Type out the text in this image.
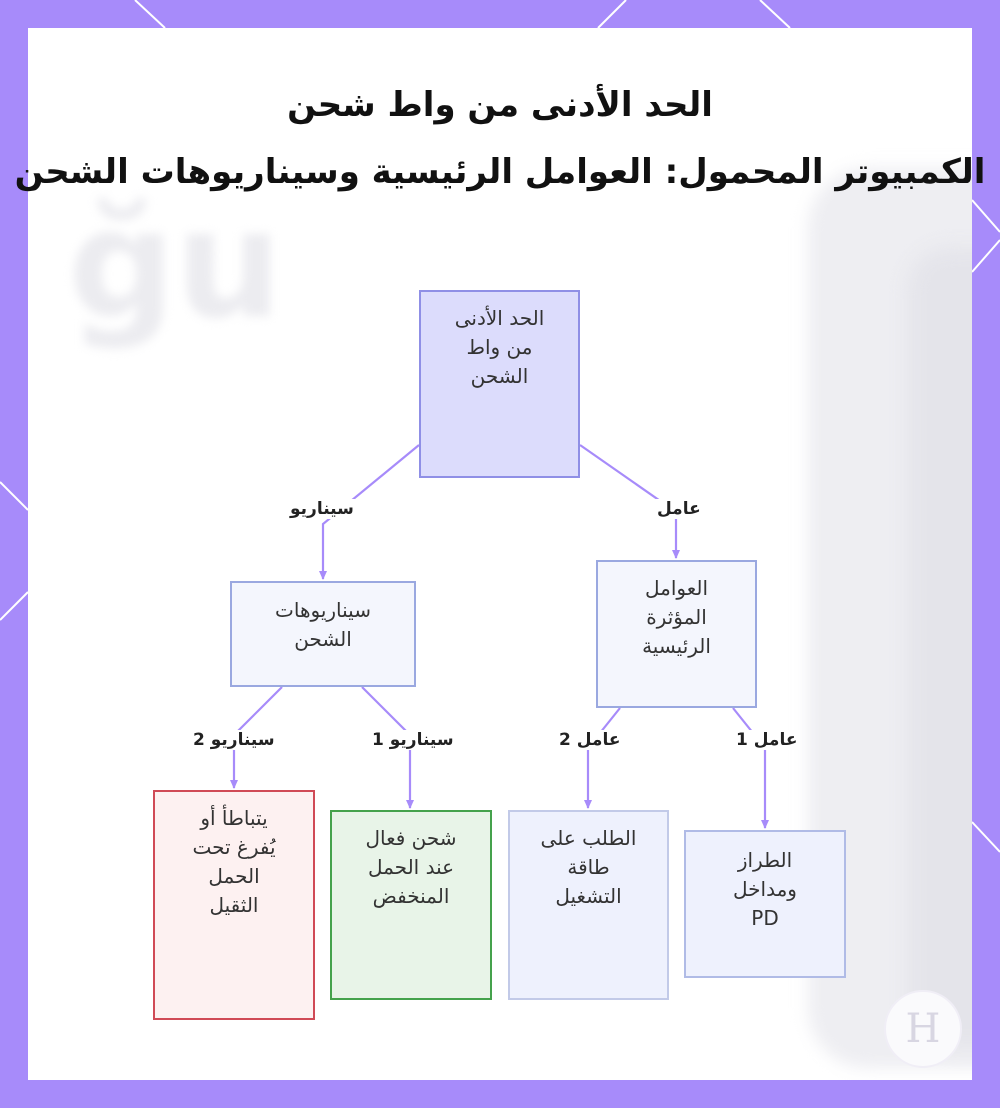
ğu
الحد الأدنى من واط شحن
الكمبيوتر المحمول: العوامل الرئيسية وسيناريوهات الشحن
الحد الأدنى
من واط
الشحن
سيناريوهات
الشحن
العوامل
المؤثرة
الرئيسية
يتباطأ أو
يُفرغ تحت
الحمل
الثقيل
شحن فعال
عند الحمل
المنخفض
الطلب على
طاقة
التشغيل
الطراز
ومداخل
PD
سيناريو	عامل
سيناريو 2	سيناريو 1	عامل 2	عامل 1
H
